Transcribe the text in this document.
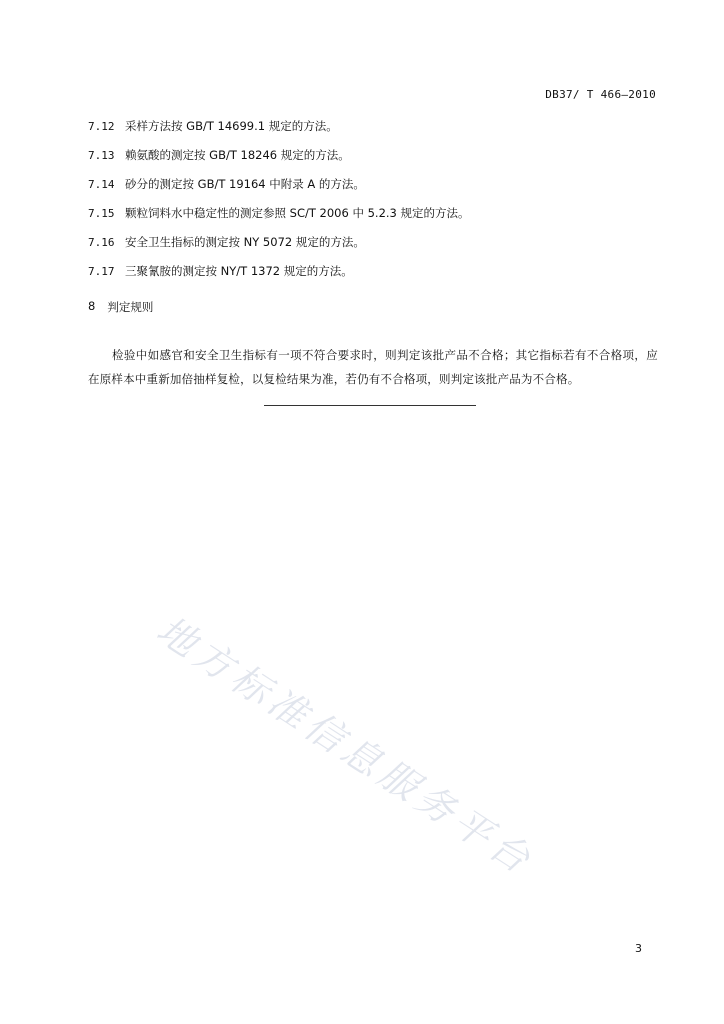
DB37/ T 466—2010
7.12 采样方法按 GB/T 14699.1 规定的方法。
7.13 赖氨酸的测定按 GB/T 18246 规定的方法。
7.14 砂分的测定按 GB/T 19164 中附录 A 的方法。
7.15 颗粒饲料水中稳定性的测定参照 SC/T 2006 中 5.2.3 规定的方法。
7.16 安全卫生指标的测定按 NY 5072 规定的方法。
7.17 三聚氰胺的测定按 NY/T 1372 规定的方法。
8 判定规则

检验中如感官和安全卫生指标有一项不符合要求时，则判定该批产品不合格；其它指标若有不合格项，应在原样本中重新加倍抽样复检，以复检结果为准，若仍有不合格项，则判定该批产品为不合格。

地方标准信息服务平台
3
